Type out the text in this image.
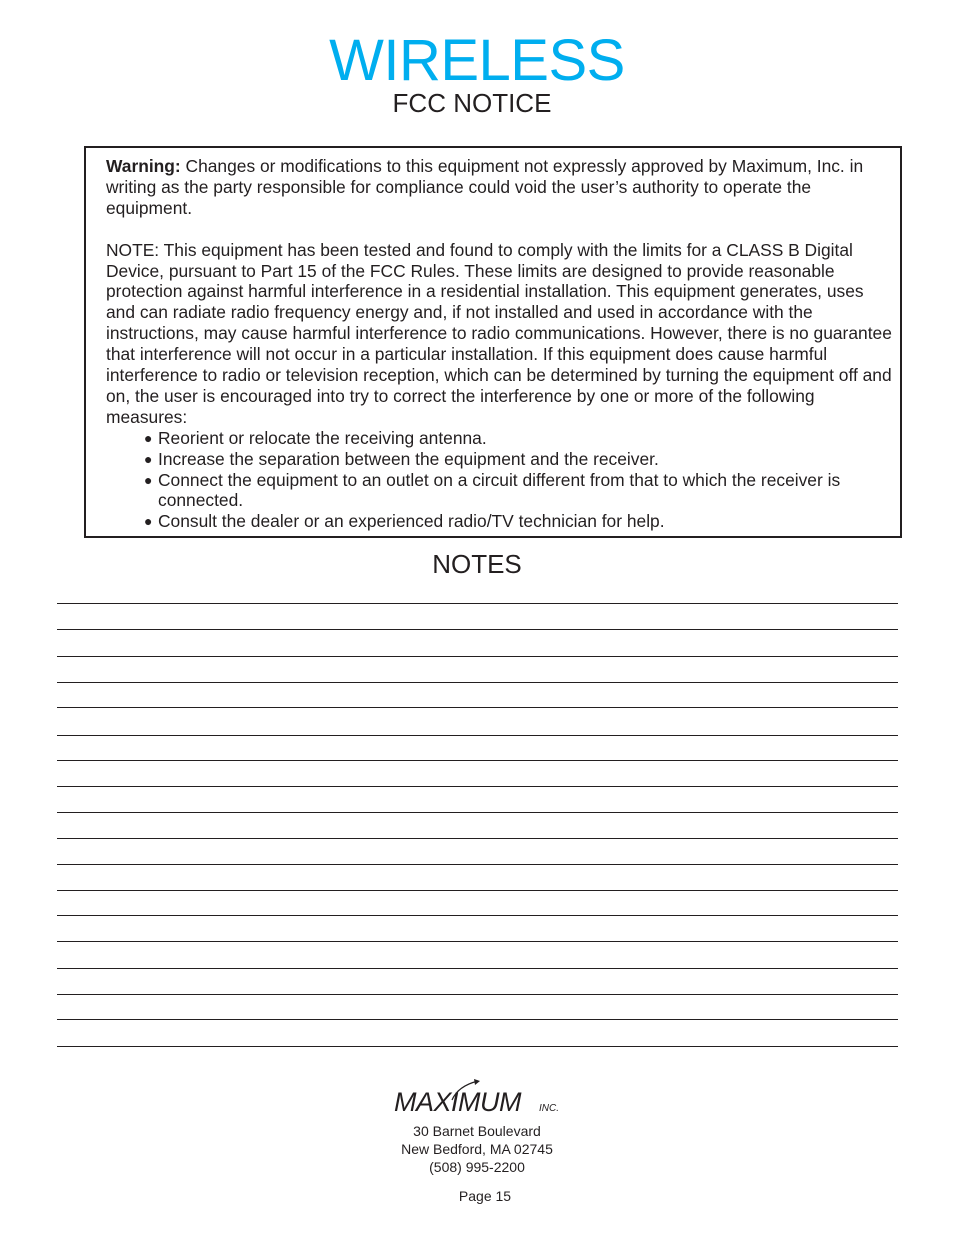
WIRELESS
FCC NOTICE

Warning: Changes or modifications to this equipment not expressly approved by Maximum, Inc. in writing as the party responsible for compliance could void the user’s authority to operate the equipment.

NOTE: This equipment has been tested and found to comply with the limits for a CLASS B Digital Device, pursuant to Part 15 of the FCC Rules. These limits are designed to provide reasonable protection against harmful interference in a residential installation. This equipment generates, uses and can radiate radio frequency energy and, if not installed and used in accordance with the instructions, may cause harmful interference to radio communications. However, there is no guarantee that interference will not occur in a particular installation. If this equipment does cause harmful interference to radio or television reception, which can be determined by turning the equipment off and on, the user is encouraged into try to correct the interference by one or more of the following measures:

● Reorient or relocate the receiving antenna.
● Increase the separation between the equipment and the receiver.
● Connect the equipment to an outlet on a circuit different from that to which the receiver is connected.
● Consult the dealer or an experienced radio/TV technician for help.
NOTES
MAXIMUM INC.
30 Barnet Boulevard
New Bedford, MA 02745
(508) 995-2200
Page 15
